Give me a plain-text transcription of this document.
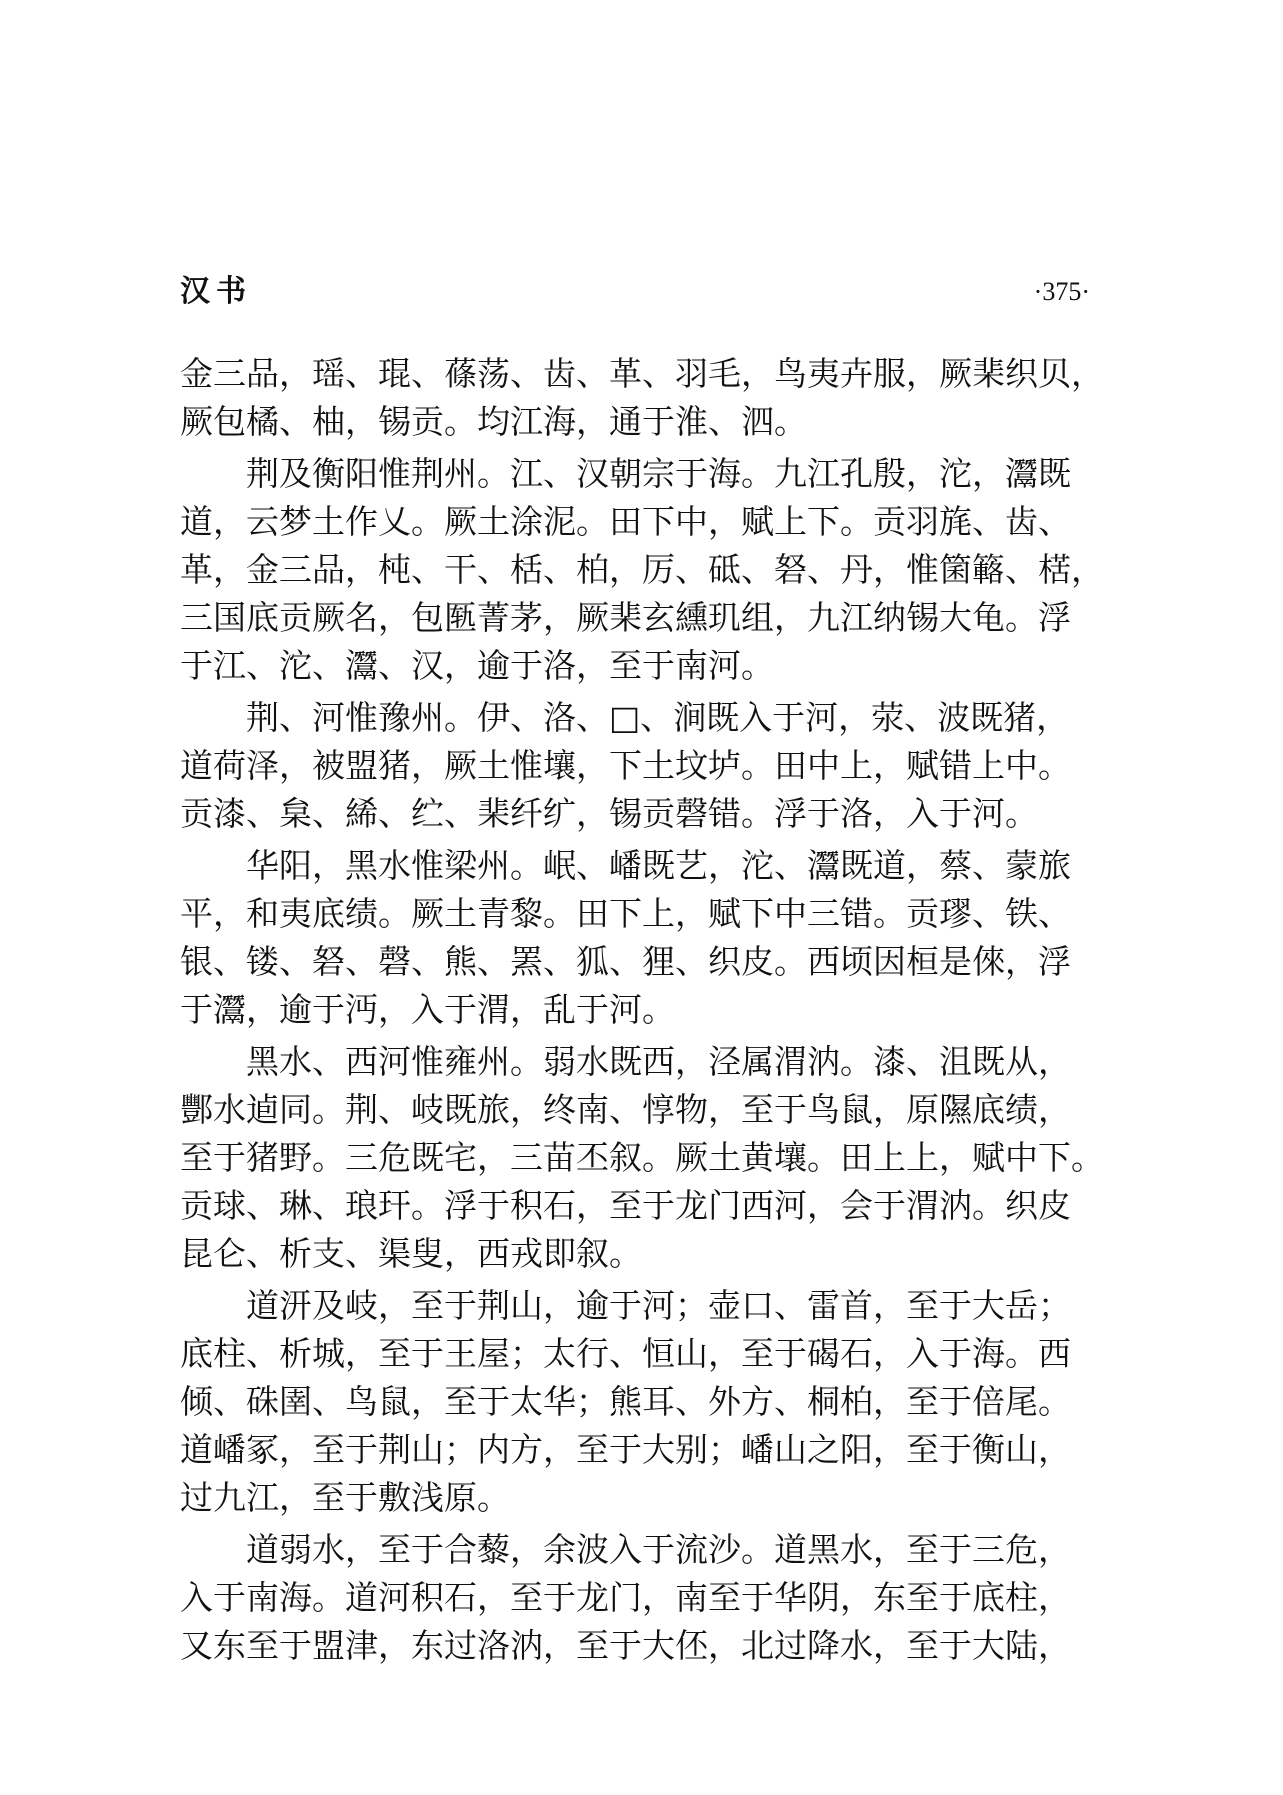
汉书	·375·
金三品，瑶、琨、蓧荡、齿、革、羽毛，鸟夷卉服，厥棐织贝，
厥包橘、柚，锡贡。均江海，通于淮、泗。
荆及衡阳惟荆州。江、汉朝宗于海。九江孔殷，沱，灊既
道，云梦土作乂。厥土涂泥。田下中，赋上下。贡羽旄、齿、
革，金三品，杶、干、栝、柏，厉、砥、砮、丹，惟箘簵、楛，
三国底贡厥名，包匦菁茅，厥棐玄纁玑组，九江纳锡大龟。浮
于江、沱、灊、汉，逾于洛，至于南河。
荆、河惟豫州。伊、洛、□、涧既入于河，荥、波既猪，
道荷泽，被盟猪，厥土惟壤，下土坟垆。田中上，赋错上中。
贡漆、枲、絺、纻、棐纤纩，锡贡磬错。浮于洛，入于河。
华阳，黑水惟梁州。岷、嶓既艺，沱、灊既道，蔡、蒙旅
平，和夷底绩。厥土青黎。田下上，赋下中三错。贡璆、铁、
银、镂、砮、磬、熊、罴、狐、狸、织皮。西顷因桓是倈，浮
于灊，逾于沔，入于渭，乱于河。
黑水、西河惟雍州。弱水既西，泾属渭汭。漆、沮既从，
酆水逌同。荆、岐既旅，终南、惇物，至于鸟鼠，原隰底绩，
至于猪野。三危既宅，三苗丕叙。厥土黄壤。田上上，赋中下。
贡球、琳、琅玕。浮于积石，至于龙门西河，会于渭汭。织皮
昆仑、析支、渠叟，西戎即叙。
道汧及岐，至于荆山，逾于河；壶口、雷首，至于大岳；
底柱、析城，至于王屋；太行、恒山，至于碣石，入于海。西
倾、硃圉、鸟鼠，至于太华；熊耳、外方、桐柏，至于倍尾。
道嶓冢，至于荆山；内方，至于大别；嶓山之阳，至于衡山，
过九江，至于敷浅原。
道弱水，至于合藜，余波入于流沙。道黑水，至于三危，
入于南海。道河积石，至于龙门，南至于华阴，东至于底柱，
又东至于盟津，东过洛汭，至于大伾，北过降水，至于大陆，
